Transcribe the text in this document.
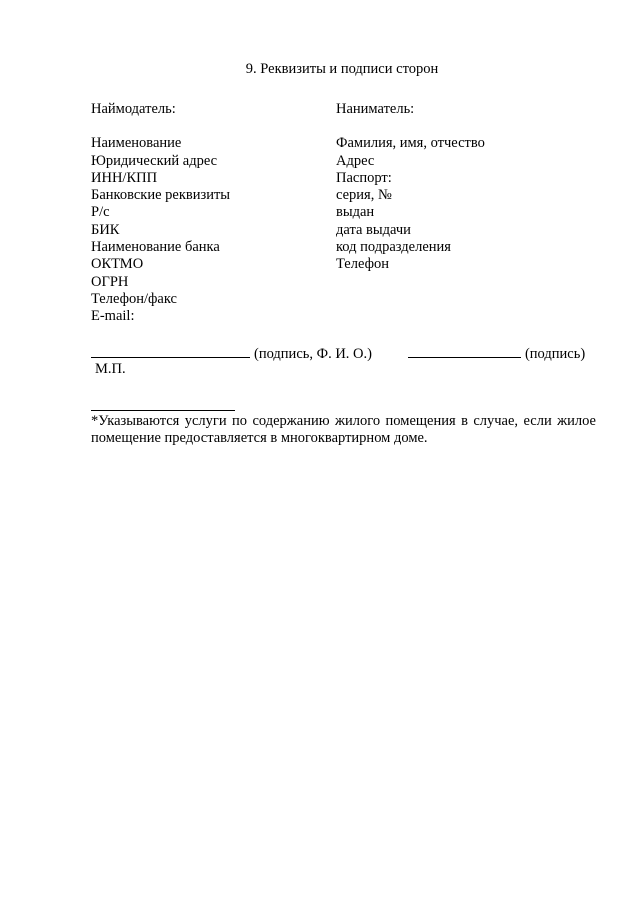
9. Реквизиты и подписи сторон
Наймодатель:
Наименование
Юридический адрес
ИНН/КПП
Банковские реквизиты
Р/с
БИК
Наименование банка
ОКТМО
ОГРН
Телефон/факс
E-mail:
Наниматель:
Фамилия, имя, отчество
Адрес
Паспорт:
серия, №
выдан
дата выдачи
код подразделения
Телефон
(подпись, Ф. И. О.)	(подпись)
М.П.
*Указываются услуги по содержанию жилого помещения в случае, если жилое помещение предоставляется в многоквартирном доме.
